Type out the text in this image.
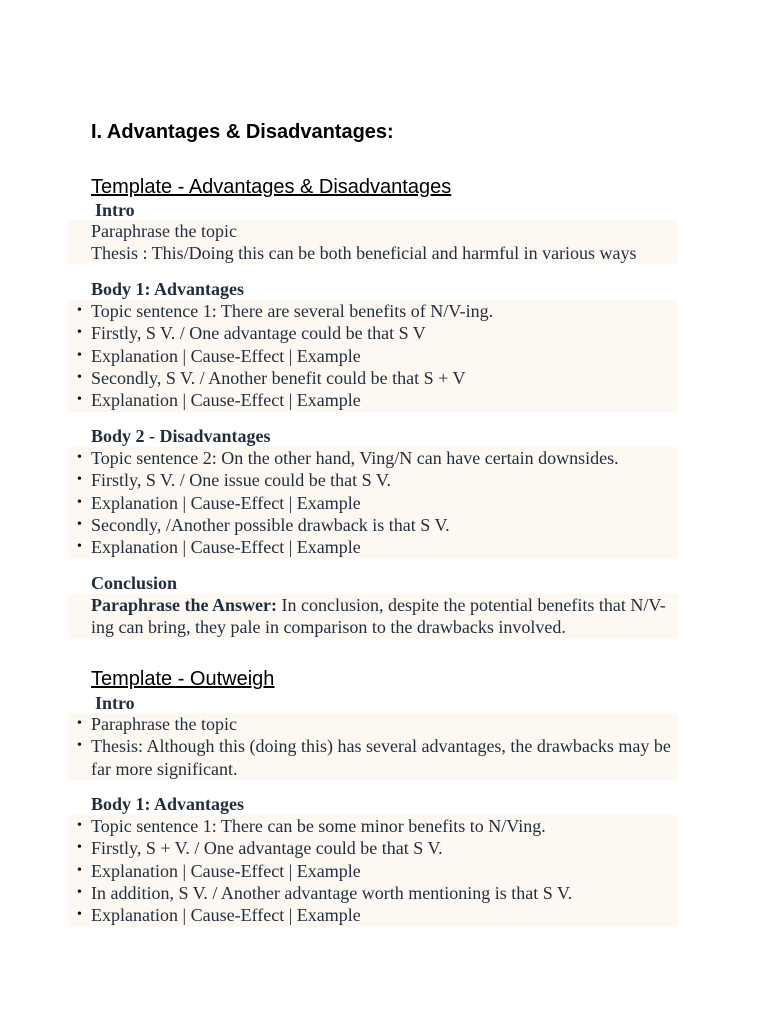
I. Advantages & Disadvantages:
Template - Advantages & Disadvantages
Intro
Paraphrase the topic
Thesis : This/Doing this can be both beneficial and harmful in various ways
Body 1: Advantages
• Topic sentence 1: There are several benefits of N/V-ing.
• Firstly, S V. / One advantage could be that S V
• Explanation | Cause-Effect | Example
• Secondly, S V. / Another benefit could be that S + V
• Explanation | Cause-Effect | Example
Body 2 - Disadvantages
• Topic sentence 2: On the other hand, Ving/N can have certain downsides.
• Firstly, S V. / One issue could be that S V.
• Explanation | Cause-Effect | Example
• Secondly, /Another possible drawback is that S V.
• Explanation | Cause-Effect | Example
Conclusion
Paraphrase the Answer: In conclusion, despite the potential benefits that N/V-ing can bring, they pale in comparison to the drawbacks involved.
Template - Outweigh
Intro
• Paraphrase the topic
• Thesis: Although this (doing this) has several advantages, the drawbacks may be far more significant.
Body 1: Advantages
• Topic sentence 1: There can be some minor benefits to N/Ving.
• Firstly, S + V. / One advantage could be that S V.
• Explanation | Cause-Effect | Example
• In addition, S V. / Another advantage worth mentioning is that S V.
• Explanation | Cause-Effect | Example
